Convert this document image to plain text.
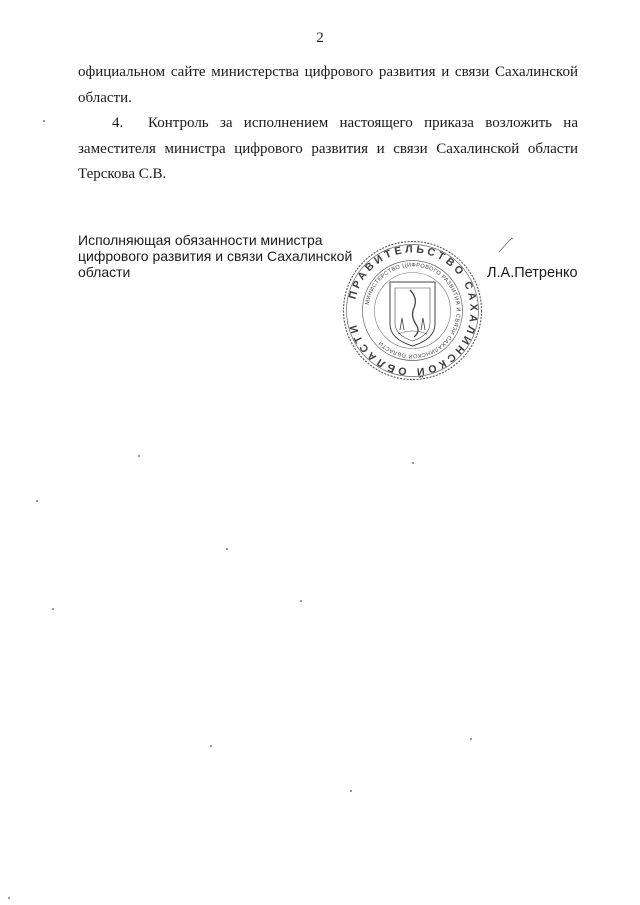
2

официальном сайте министерства цифрового развития и связи Сахалинской области.

4. Контроль за исполнением настоящего приказа возложить на заместителя министра цифрового развития и связи Сахалинской области Терскова С.В.

Исполняющая обязанности министра цифрового развития и связи Сахалинской области
ПРАВИТЕЛЬСТВО САХАЛИНСКОЙ ОБЛАСТИ
МИНИСТЕРСТВО ЦИФРОВОГО РАЗВИТИЯ И СВЯЗИ САХАЛИНСКОЙ ОБЛАСТИ
Л.А.Петренко
